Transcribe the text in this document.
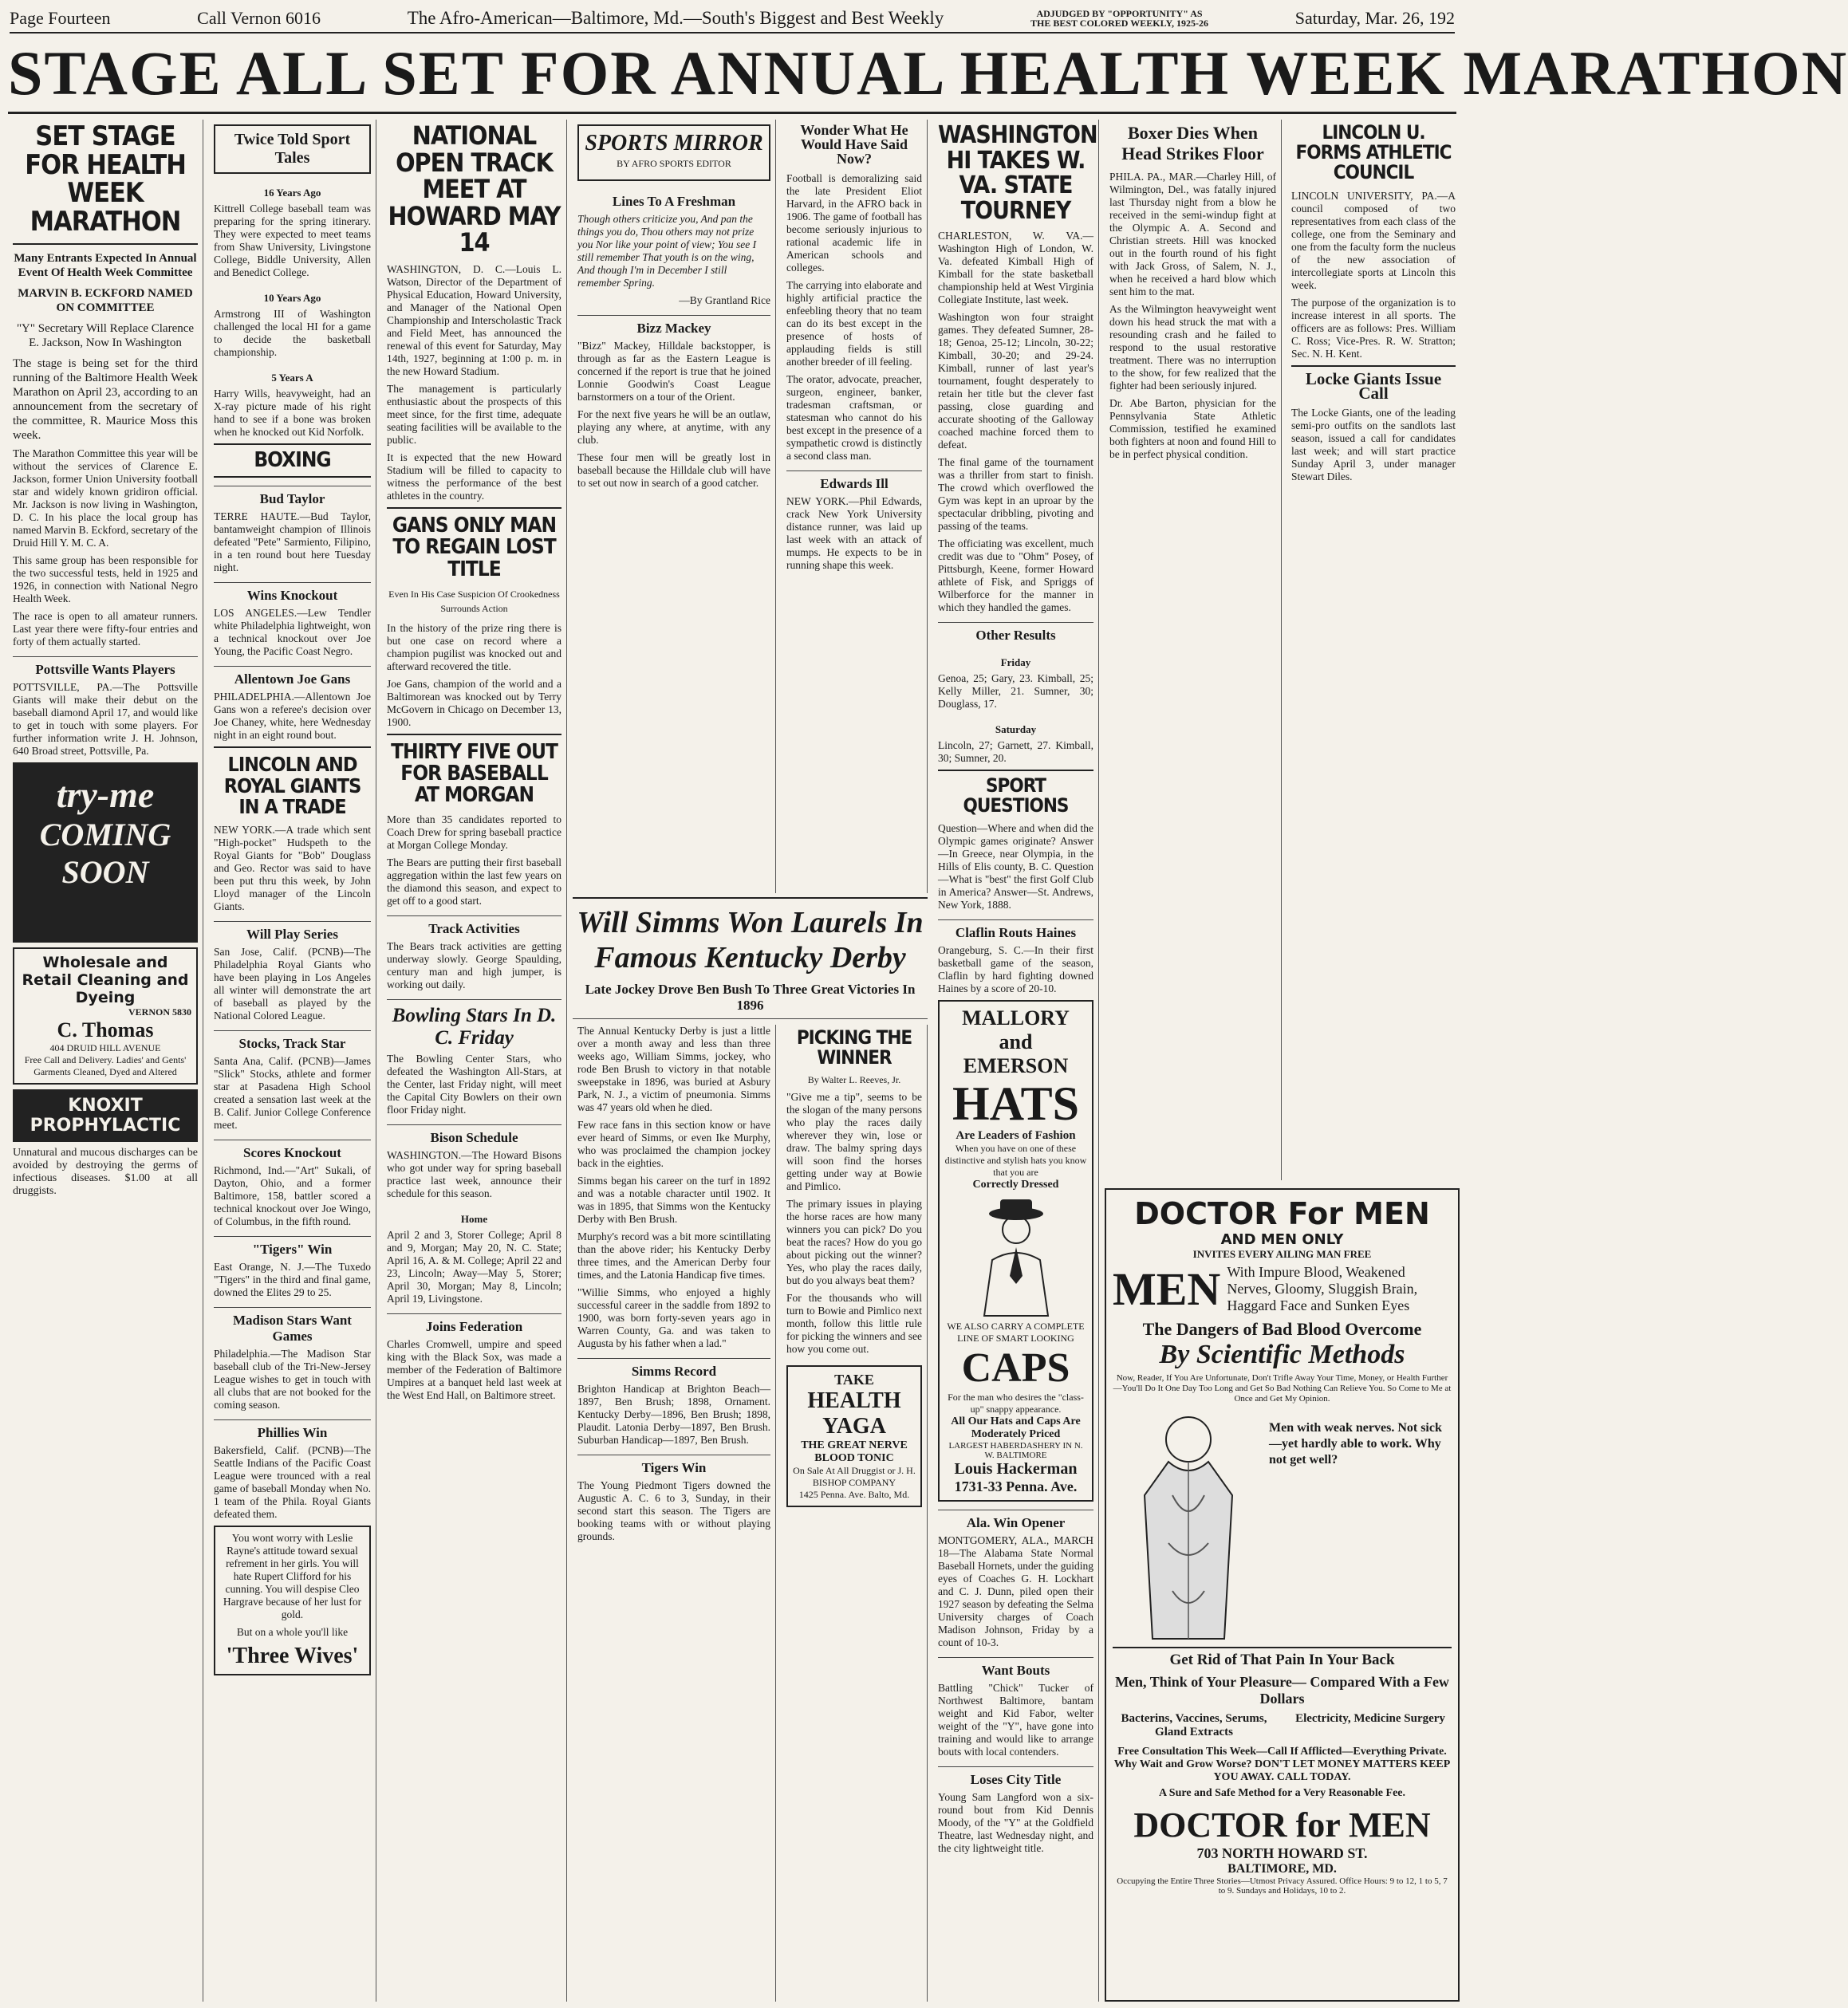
Page Fourteen	Call Vernon 6016	The Afro-American—Baltimore, Md.—South's Biggest and Best Weekly	ADJUDGED BY "OPPORTUNITY" AS
THE BEST COLORED WEEKLY, 1925-26	Saturday, Mar. 26, 192
STAGE ALL SET FOR ANNUAL HEALTH WEEK MARATHON
SET STAGE FOR HEALTH WEEK MARATHON
Many Entrants Expected In Annual Event Of Health Week Committee
MARVIN B. ECKFORD NAMED ON COMMITTEE
"Y" Secretary Will Replace Clarence E. Jackson, Now In Washington

The stage is being set for the third running of the Baltimore Health Week Marathon on April 23, according to an announcement from the secretary of the committee, R. Maurice Moss this week.

The Marathon Committee this year will be without the services of Clarence E. Jackson, former Union University football star and widely known gridiron official. Mr. Jackson is now living in Washington, D. C. In his place the local group has named Marvin B. Eckford, secretary of the Druid Hill Y. M. C. A.

This same group has been responsible for the two successful tests, held in 1925 and 1926, in connection with National Negro Health Week.

The race is open to all amateur runners. Last year there were fifty-four entries and forty of them actually started.

Pottsville Wants Players

POTTSVILLE, PA.—The Pottsville Giants will make their debut on the baseball diamond April 17, and would like to get in touch with some players. For further information write J. H. Johnson, 640 Broad street, Pottsville, Pa.

try-me
COMING
SOON
Wholesale and Retail Cleaning and Dyeing
VERNON 5830
C. Thomas
404 DRUID HILL AVENUE
Free Call and Delivery. Ladies' and Gents' Garments Cleaned, Dyed and Altered
KNOXIT PROPHYLACTIC

Unnatural and mucous discharges can be avoided by destroying the germs of infectious diseases. $1.00 at all druggists.

Twice Told Sport Tales
16 Years Ago

Kittrell College baseball team was preparing for the spring itinerary. They were expected to meet teams from Shaw University, Livingstone College, Biddle University, Allen and Benedict College.

10 Years Ago

Armstrong III of Washington challenged the local HI for a game to decide the basketball championship.

5 Years A

Harry Wills, heavyweight, had an X-ray picture made of his right hand to see if a bone was broken when he knocked out Kid Norfolk.

BOXING
Bud Taylor

TERRE HAUTE.—Bud Taylor, bantamweight champion of Illinois defeated "Pete" Sarmiento, Filipino, in a ten round bout here Tuesday night.

Wins Knockout

LOS ANGELES.—Lew Tendler white Philadelphia lightweight, won a technical knockout over Joe Young, the Pacific Coast Negro.

Allentown Joe Gans

PHILADELPHIA.—Allentown Joe Gans won a referee's decision over Joe Chaney, white, here Wednesday night in an eight round bout.

LINCOLN AND ROYAL GIANTS IN A TRADE

NEW YORK.—A trade which sent "High-pocket" Hudspeth to the Royal Giants for "Bob" Douglass and Geo. Rector was said to have been put thru this week, by John Lloyd manager of the Lincoln Giants.

Will Play Series

San Jose, Calif. (PCNB)—The Philadelphia Royal Giants who have been playing in Los Angeles all winter will demonstrate the art of baseball as played by the National Colored League.

Stocks, Track Star

Santa Ana, Calif. (PCNB)—James "Slick" Stocks, athlete and former star at Pasadena High School created a sensation last week at the B. Calif. Junior College Conference meet.

Scores Knockout

Richmond, Ind.—"Art" Sukali, of Dayton, Ohio, and a former Baltimore, 158, battler scored a technical knockout over Joe Wingo, of Columbus, in the fifth round.

"Tigers" Win

East Orange, N. J.—The Tuxedo "Tigers" in the third and final game, downed the Elites 29 to 25.

Madison Stars Want Games

Philadelphia.—The Madison Star baseball club of the Tri-New-Jersey League wishes to get in touch with all clubs that are not booked for the coming season.

Phillies Win

Bakersfield, Calif. (PCNB)—The Seattle Indians of the Pacific Coast League were trounced with a real game of baseball Monday when No. 1 team of the Phila. Royal Giants defeated them.

You wont worry with Leslie Rayne's attitude toward sexual refrement in her girls. You will hate Rupert Clifford for his cunning. You will despise Cleo Hargrave because of her lust for gold.

But on a whole you'll like

'Three Wives'
NATIONAL OPEN TRACK MEET AT HOWARD MAY 14

WASHINGTON, D. C.—Louis L. Watson, Director of the Department of Physical Education, Howard University, and Manager of the National Open Championship and Interscholastic Track and Field Meet, has announced the renewal of this event for Saturday, May 14th, 1927, beginning at 1:00 p. m. in the new Howard Stadium.

The management is particularly enthusiastic about the prospects of this meet since, for the first time, adequate seating facilities will be available to the public.

It is expected that the new Howard Stadium will be filled to capacity to witness the performance of the best athletes in the country.

GANS ONLY MAN TO REGAIN LOST TITLE
Even In His Case Suspicion Of Crookedness Surrounds Action

In the history of the prize ring there is but one case on record where a champion pugilist was knocked out and afterward recovered the title.

Joe Gans, champion of the world and a Baltimorean was knocked out by Terry McGovern in Chicago on December 13, 1900.

THIRTY FIVE OUT FOR BASEBALL AT MORGAN

More than 35 candidates reported to Coach Drew for spring baseball practice at Morgan College Monday.

The Bears are putting their first baseball aggregation within the last few years on the diamond this season, and expect to get off to a good start.

Track Activities

The Bears track activities are getting underway slowly. George Spaulding, century man and high jumper, is working out daily.

Bowling Stars In D. C. Friday

The Bowling Center Stars, who defeated the Washington All-Stars, at the Center, last Friday night, will meet the Capital City Bowlers on their own floor Friday night.

Bison Schedule

WASHINGTON.—The Howard Bisons who got under way for spring baseball practice last week, announce their schedule for this season.

Home

April 2 and 3, Storer College; April 8 and 9, Morgan; May 20, N. C. State; April 16, A. & M. College; April 22 and 23, Lincoln; Away—May 5, Storer; April 30, Morgan; May 8, Lincoln; April 19, Livingstone.

Joins Federation

Charles Cromwell, umpire and speed king with the Black Sox, was made a member of the Federation of Baltimore Umpires at a banquet held last week at the West End Hall, on Baltimore street.

SPORTS MIRROR
BY AFRO SPORTS EDITOR
Lines To A Freshman

Though others criticize you, And pan the things you do, Thou others may not prize you Nor like your point of view; You see I still remember That youth is on the wing, And though I'm in December I still remember Spring.

—By Grantland Rice

Bizz Mackey

"Bizz" Mackey, Hilldale backstopper, is through as far as the Eastern League is concerned if the report is true that he joined Lonnie Goodwin's Coast League barnstormers on a tour of the Orient.

For the next five years he will be an outlaw, playing any where, at anytime, with any club.

These four men will be greatly lost in baseball because the Hilldale club will have to set out now in search of a good catcher.

Wonder What He Would Have Said Now?

Football is demoralizing said the late President Eliot Harvard, in the AFRO back in 1906. The game of football has become seriously injurious to rational academic life in American schools and colleges.

The carrying into elaborate and highly artificial practice the enfeebling theory that no team can do its best except in the presence of hosts of applauding fields is still another breeder of ill feeling.

The orator, advocate, preacher, surgeon, engineer, banker, tradesman craftsman, or statesman who cannot do his best except in the presence of a sympathetic crowd is distinctly a second class man.

Edwards Ill

NEW YORK.—Phil Edwards, crack New York University distance runner, was laid up last week with an attack of mumps. He expects to be in running shape this week.

Will Simms Won Laurels In Famous Kentucky Derby
Late Jockey Drove Ben Bush To Three Great Victories In 1896

The Annual Kentucky Derby is just a little over a month away and less than three weeks ago, William Simms, jockey, who rode Ben Brush to victory in that notable sweepstake in 1896, was buried at Asbury Park, N. J., a victim of pneumonia. Simms was 47 years old when he died.

Few race fans in this section know or have ever heard of Simms, or even Ike Murphy, who was proclaimed the champion jockey back in the eighties.

Simms began his career on the turf in 1892 and was a notable character until 1902. It was in 1895, that Simms won the Kentucky Derby with Ben Brush.

Murphy's record was a bit more scintillating than the above rider; his Kentucky Derby three times, and the American Derby four times, and the Latonia Handicap five times.

"Willie Simms, who enjoyed a highly successful career in the saddle from 1892 to 1900, was born forty-seven years ago in Warren County, Ga. and was taken to Augusta by his father when a lad."

Simms Record

Brighton Handicap at Brighton Beach—1897, Ben Brush; 1898, Ornament. Kentucky Derby—1896, Ben Brush; 1898, Plaudit. Latonia Derby—1897, Ben Brush. Suburban Handicap—1897, Ben Brush.

Tigers Win

The Young Piedmont Tigers downed the Augustic A. C. 6 to 3, Sunday, in their second start this season. The Tigers are booking teams with or without playing grounds.

PICKING THE WINNER
By Walter L. Reeves, Jr.

"Give me a tip", seems to be the slogan of the many persons who play the races daily wherever they win, lose or draw. The balmy spring days will soon find the horses getting under way at Bowie and Pimlico.

The primary issues in playing the horse races are how many winners you can pick? Do you beat the races? How do you go about picking out the winner? Yes, who play the races daily, but do you always beat them?

For the thousands who will turn to Bowie and Pimlico next month, follow this little rule for picking the winners and see how you come out.

TAKE
HEALTH YAGA
THE GREAT NERVE BLOOD TONIC
On Sale At All Druggist or J. H. BISHOP COMPANY
1425 Penna. Ave. Balto, Md.
WASHINGTON HI TAKES W. VA. STATE TOURNEY

CHARLESTON, W. VA.—Washington High of London, W. Va. defeated Kimball High of Kimball for the state basketball championship held at West Virginia Collegiate Institute, last week.

Washington won four straight games. They defeated Sumner, 28-18; Genoa, 25-12; Lincoln, 30-22; Kimball, 30-20; and 29-24. Kimball, runner of last year's tournament, fought desperately to retain her title but the clever fast passing, close guarding and accurate shooting of the Galloway coached machine forced them to defeat.

The final game of the tournament was a thriller from start to finish. The crowd which overflowed the Gym was kept in an uproar by the spectacular dribbling, pivoting and passing of the teams.

The officiating was excellent, much credit was due to "Ohm" Posey, of Pittsburgh, Keene, former Howard athlete of Fisk, and Spriggs of Wilberforce for the manner in which they handled the games.

Other Results
Friday

Genoa, 25; Gary, 23. Kimball, 25; Kelly Miller, 21. Sumner, 30; Douglass, 17.

Saturday

Lincoln, 27; Garnett, 27. Kimball, 30; Sumner, 20.

SPORT QUESTIONS

Question—Where and when did the Olympic games originate? Answer—In Greece, near Olympia, in the Hills of Elis county, B. C. Question—What is "best" the first Golf Club in America? Answer—St. Andrews, New York, 1888.

Claflin Routs Haines

Orangeburg, S. C.—In their first basketball game of the season, Claflin by hard fighting downed Haines by a score of 20-10.

MALLORY and EMERSON
HATS
Are Leaders of Fashion
When you have on one of these distinctive and stylish hats you know that you are
Correctly Dressed
WE ALSO CARRY A COMPLETE LINE OF SMART LOOKING
CAPS
For the man who desires the "class-up" snappy appearance.
All Our Hats and Caps Are Moderately Priced
LARGEST HABERDASHERY IN N. W. BALTIMORE
Louis Hackerman
1731-33 Penna. Ave.
Ala. Win Opener

MONTGOMERY, ALA., MARCH 18—The Alabama State Normal Baseball Hornets, under the guiding eyes of Coaches G. H. Lockhart and C. J. Dunn, piled open their 1927 season by defeating the Selma University charges of Coach Madison Johnson, Friday by a count of 10-3.

Want Bouts

Battling "Chick" Tucker of Northwest Baltimore, bantam weight and Kid Fabor, welter weight of the "Y", have gone into training and would like to arrange bouts with local contenders.

Loses City Title

Young Sam Langford won a six-round bout from Kid Dennis Moody, of the "Y" at the Goldfield Theatre, last Wednesday night, and the city lightweight title.

Boxer Dies When Head Strikes Floor

PHILA. PA., MAR.—Charley Hill, of Wilmington, Del., was fatally injured last Thursday night from a blow he received in the semi-windup fight at the Olympic A. A. Second and Christian streets. Hill was knocked out in the fourth round of his fight with Jack Gross, of Salem, N. J., when he received a hard blow which sent him to the mat.

As the Wilmington heavyweight went down his head struck the mat with a resounding crash and he failed to respond to the usual restorative treatment. There was no interruption to the show, for few realized that the fighter had been seriously injured.

Dr. Abe Barton, physician for the Pennsylvania State Athletic Commission, testified he examined both fighters at noon and found Hill to be in perfect physical condition.

LINCOLN U. FORMS ATHLETIC COUNCIL

LINCOLN UNIVERSITY, PA.—A council composed of two representatives from each class of the college, one from the Seminary and one from the faculty form the nucleus of the new association of intercollegiate sports at Lincoln this week.

The purpose of the organization is to increase interest in all sports. The officers are as follows: Pres. William C. Ross; Vice-Pres. R. W. Stratton; Sec. N. H. Kent.

Locke Giants Issue Call

The Locke Giants, one of the leading semi-pro outfits on the sandlots last season, issued a call for candidates last week; and will start practice Sunday April 3, under manager Stewart Diles.

DOCTOR For MEN
AND MEN ONLY
INVITES EVERY AILING MAN FREE
MEN With Impure Blood, Weakened Nerves, Gloomy, Sluggish Brain, Haggard Face and Sunken Eyes
The Dangers of Bad Blood Overcome
By Scientific Methods

Now, Reader, If You Are Unfortunate, Don't Trifle Away Your Time, Money, or Health Further—You'll Do It One Day Too Long and Get So Bad Nothing Can Relieve You. So Come to Me at Once and Get My Opinion.

Men with weak nerves. Not sick—yet hardly able to work. Why not get well?

Get Rid of That Pain In Your Back
Men, Think of Your Pleasure— Compared With a Few Dollars
Bacterins, Vaccines, Serums, Gland Extracts
Electricity, Medicine Surgery
Free Consultation This Week—Call If Afflicted—Everything Private. Why Wait and Grow Worse? DON'T LET MONEY MATTERS KEEP YOU AWAY. CALL TODAY.
A Sure and Safe Method for a Very Reasonable Fee.
DOCTOR for MEN
703 NORTH HOWARD ST.
BALTIMORE, MD.
Occupying the Entire Three Stories—Utmost Privacy Assured. Office Hours: 9 to 12, 1 to 5, 7 to 9. Sundays and Holidays, 10 to 2.
